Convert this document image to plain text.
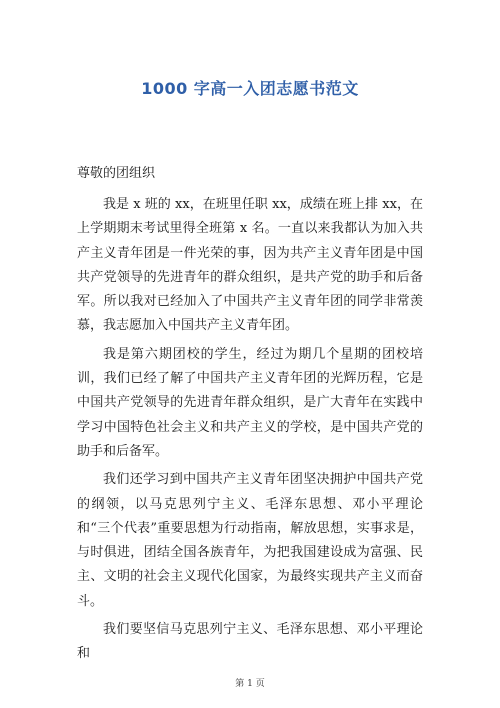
1000 字高一入团志愿书范文
尊敬的团组织

我是 x 班的 xx，在班里任职 xx，成绩在班上排 xx，在上学期期末考试里得全班第 x 名。一直以来我都认为加入共产主义青年团是一件光荣的事，因为共产主义青年团是中国共产党领导的先进青年的群众组织，是共产党的助手和后备军。所以我对已经加入了中国共产主义青年团的同学非常羡慕，我志愿加入中国共产主义青年团。

我是第六期团校的学生，经过为期几个星期的团校培训，我们已经了解了中国共产主义青年团的光辉历程，它是中国共产党领导的先进青年群众组织，是广大青年在实践中学习中国特色社会主义和共产主义的学校，是中国共产党的助手和后备军。

我们还学习到中国共产主义青年团坚决拥护中国共产党的纲领，以马克思列宁主义、毛泽东思想、邓小平理论 和“三个代表”重要思想为行动指南，解放思想，实事求是，与时俱进，团结全国各族青年，为把我国建设成为富强、民主、文明的社会主义现代化国家，为最终实现共产主义而奋斗。

我们要坚信马克思列宁主义、毛泽东思想、邓小平理论和

第 1 页
